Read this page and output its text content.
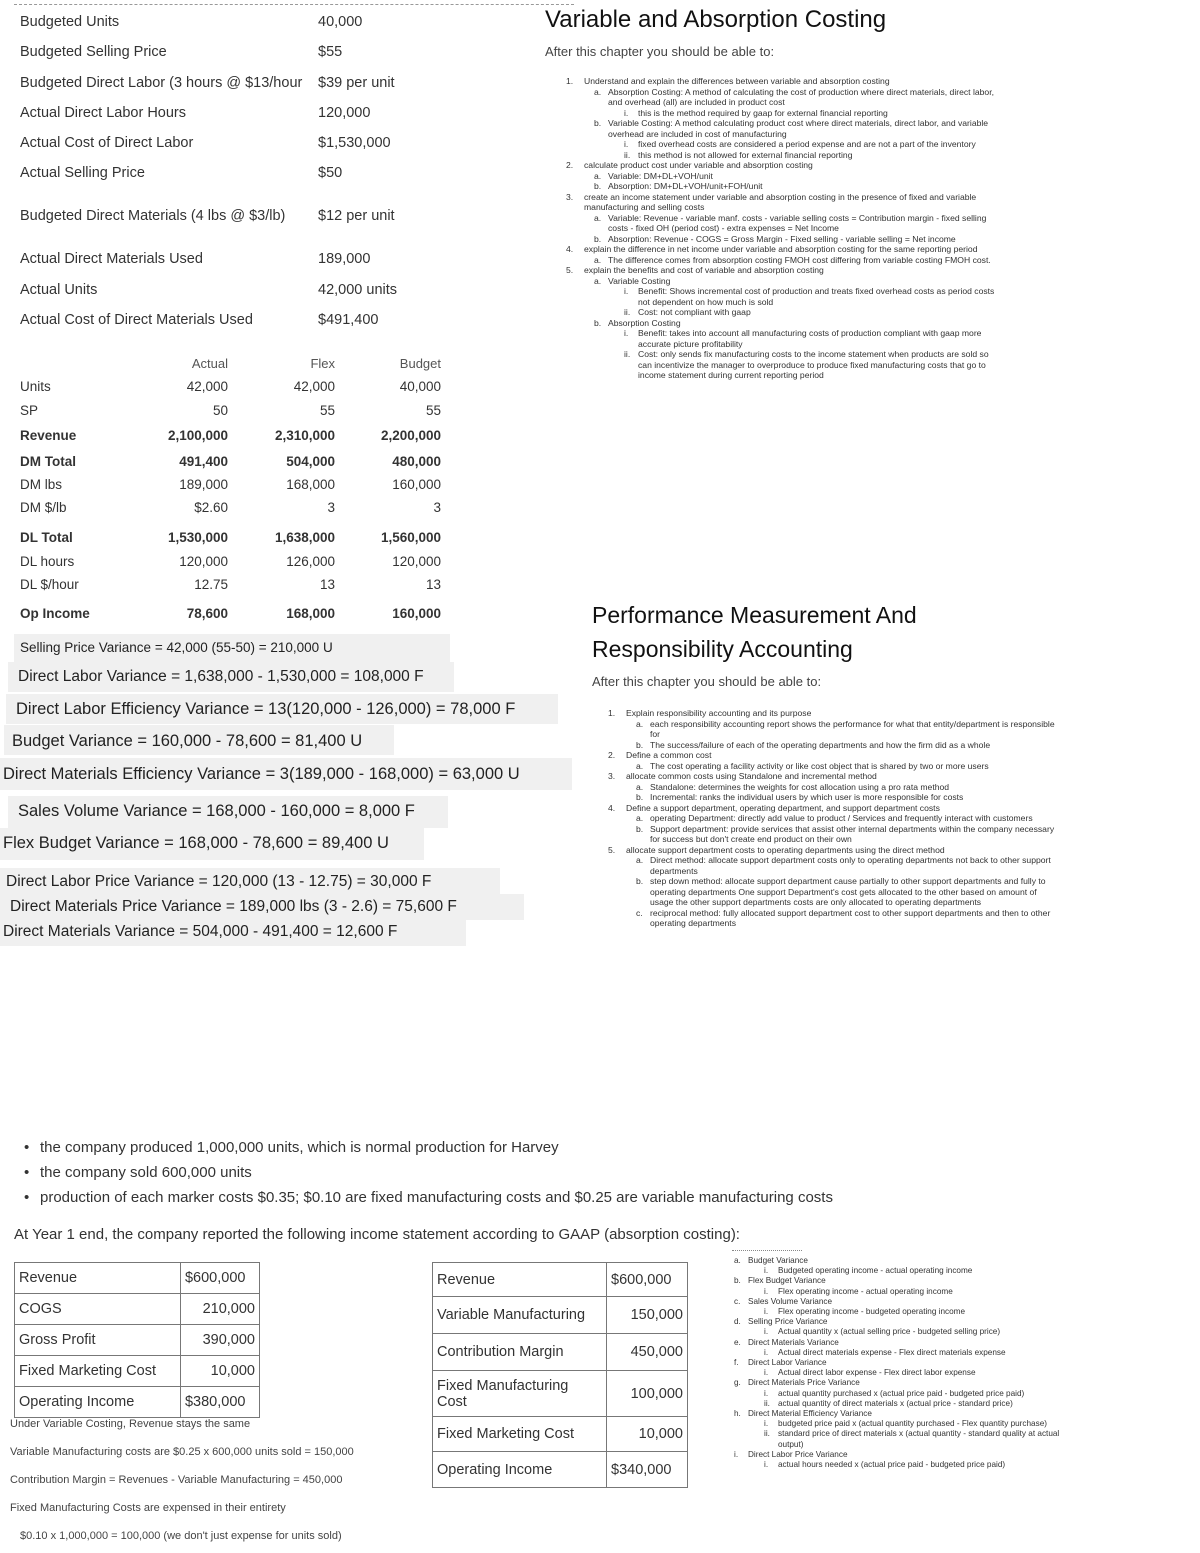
Budgeted Units	40,000
Budgeted Selling Price	$55
Budgeted Direct Labor (3 hours @ $13/hour $39 per unit
Actual Direct Labor Hours	120,000
Actual Cost of Direct Labor	$1,530,000
Actual Selling Price	$50
Budgeted Direct Materials (4 lbs @ $3/lb) $12 per unit
Actual Direct Materials Used	189,000
Actual Units	42,000 units
Actual Cost of Direct Materials Used	$491,400
Actual	Flex	Budget
Units	42,000	42,000	40,000
SP	50	55	55
Revenue	2,100,000	2,310,000	2,200,000
DM Total	491,400	504,000	480,000
DM lbs	189,000	168,000	160,000
DM $/lb	$2.60	3	3
DL Total	1,530,000	1,638,000	1,560,000
DL hours	120,000	126,000	120,000
DL $/hour	12.75	13	13
Op Income	78,600	168,000	160,000
Selling Price Variance = 42,000 (55-50) = 210,000 U
Direct Labor Variance = 1,638,000 - 1,530,000 = 108,000 F
Direct Labor Efficiency Variance = 13(120,000 - 126,000) = 78,000 F
Budget Variance = 160,000 - 78,600 = 81,400 U
Direct Materials Efficiency Variance = 3(189,000 - 168,000) = 63,000 U
Sales Volume Variance = 168,000 - 160,000 = 8,000 F
Flex Budget Variance = 168,000 - 78,600 = 89,400 U
Direct Labor Price Variance = 120,000 (13 - 12.75) = 30,000 F
Direct Materials Price Variance = 189,000 lbs (3 - 2.6) = 75,600 F
Direct Materials Variance = 504,000 - 491,400 = 12,600 F
Variable and Absorption Costing
After this chapter you should be able to:
1. Understand and explain the differences between variable and absorption costing
a. Absorption Costing: A method of calculating the cost of production where direct materials, direct labor, and overhead (all) are included in product cost
i. this is the method required by gaap for external financial reporting
b. Variable Costing: A method calculating product cost where direct materials, direct labor, and variable overhead are included in cost of manufacturing
i. fixed overhead costs are considered a period expense and are not a part of the inventory
ii. this method is not allowed for external financial reporting
2. calculate product cost under variable and absorption costing
a. Variable: DM+DL+VOH/unit
b. Absorption: DM+DL+VOH/unit+FOH/unit
3. create an income statement under variable and absorption costing in the presence of fixed and variable manufacturing and selling costs
a. Variable: Revenue - variable manf. costs - variable selling costs = Contribution margin - fixed selling costs - fixed OH (period cost) - extra expenses = Net Income
b. Absorption: Revenue - COGS = Gross Margin - Fixed selling - variable selling = Net income
4. explain the difference in net income under variable and absorption costing for the same reporting period
a. The difference comes from absorption costing FMOH cost differing from variable costing FMOH cost.
5. explain the benefits and cost of variable and absorption costing
a. Variable Costing
i. Benefit: Shows incremental cost of production and treats fixed overhead costs as period costs not dependent on how much is sold
ii. Cost: not compliant with gaap
b. Absorption Costing
i. Benefit: takes into account all manufacturing costs of production compliant with gaap more accurate picture profitability
ii. Cost: only sends fix manufacturing costs to the income statement when products are sold so can incentivize the manager to overproduce to produce fixed manufacturing costs that go to income statement during current reporting period
Performance Measurement And
Responsibility Accounting
After this chapter you should be able to:
1. Explain responsibility accounting and its purpose
a. each responsibility accounting report shows the performance for what that entity/department is responsible for
b. The success/failure of each of the operating departments and how the firm did as a whole
2. Define a common cost
a. The cost operating a facility activity or like cost object that is shared by two or more users
3. allocate common costs using Standalone and incremental method
a. Standalone: determines the weights for cost allocation using a pro rata method
b. Incremental: ranks the individual users by which user is more responsible for costs
4. Define a support department, operating department, and support department costs
a. operating Department: directly add value to product / Services and frequently interact with customers
b. Support department: provide services that assist other internal departments within the company necessary for success but don't create end product on their own
5. allocate support department costs to operating departments using the direct method
a. Direct method: allocate support department costs only to operating departments not back to other support departments
b. step down method: allocate support department cause partially to other support departments and fully to operating departments One support Department's cost gets allocated to the other based on amount of usage the other support departments costs are only allocated to operating departments
c. reciprocal method: fully allocated support department cost to other support departments and then to other operating departments
• the company produced 1,000,000 units, which is normal production for Harvey
• the company sold 600,000 units
• production of each marker costs $0.35; $0.10 are fixed manufacturing costs and $0.25 are variable manufacturing costs
At Year 1 end, the company reported the following income statement according to GAAP (absorption costing):
Revenue	$600,000
COGS	210,000
Gross Profit	390,000
Fixed Marketing Cost	10,000
Operating Income	$380,000
Revenue	$600,000
Variable Manufacturing	150,000
Contribution Margin	450,000
Fixed Manufacturing Cost	100,000
Fixed Marketing Cost	10,000
Operating Income	$340,000
Under Variable Costing, Revenue stays the same
Variable Manufacturing costs are $0.25 x 600,000 units sold = 150,000
Contribution Margin = Revenues - Variable Manufacturing = 450,000
Fixed Manufacturing Costs are expensed in their entirety
$0.10 x 1,000,000 = 100,000 (we don't just expense for units sold)
a. Budget Variance
i. Budgeted operating income - actual operating income
b. Flex Budget Variance
i. Flex operating income - actual operating income
c. Sales Volume Variance
i. Flex operating income - budgeted operating income
d. Selling Price Variance
i. Actual quantity x (actual selling price - budgeted selling price)
e. Direct Materials Variance
i. Actual direct materials expense - Flex direct materials expense
f. Direct Labor Variance
i. Actual direct labor expense - Flex direct labor expense
g. Direct Materials Price Variance
i. actual quantity purchased x (actual price paid - budgeted price paid)
ii. actual quantity of direct materials x (actual price - standard price)
h. Direct Material Efficiency Variance
i. budgeted price paid x (actual quantity purchased - Flex quantity purchase)
ii. standard price of direct materials x (actual quantity - standard quality at actual output)
i. Direct Labor Price Variance
i. actual hours needed x (actual price paid - budgeted price paid)
